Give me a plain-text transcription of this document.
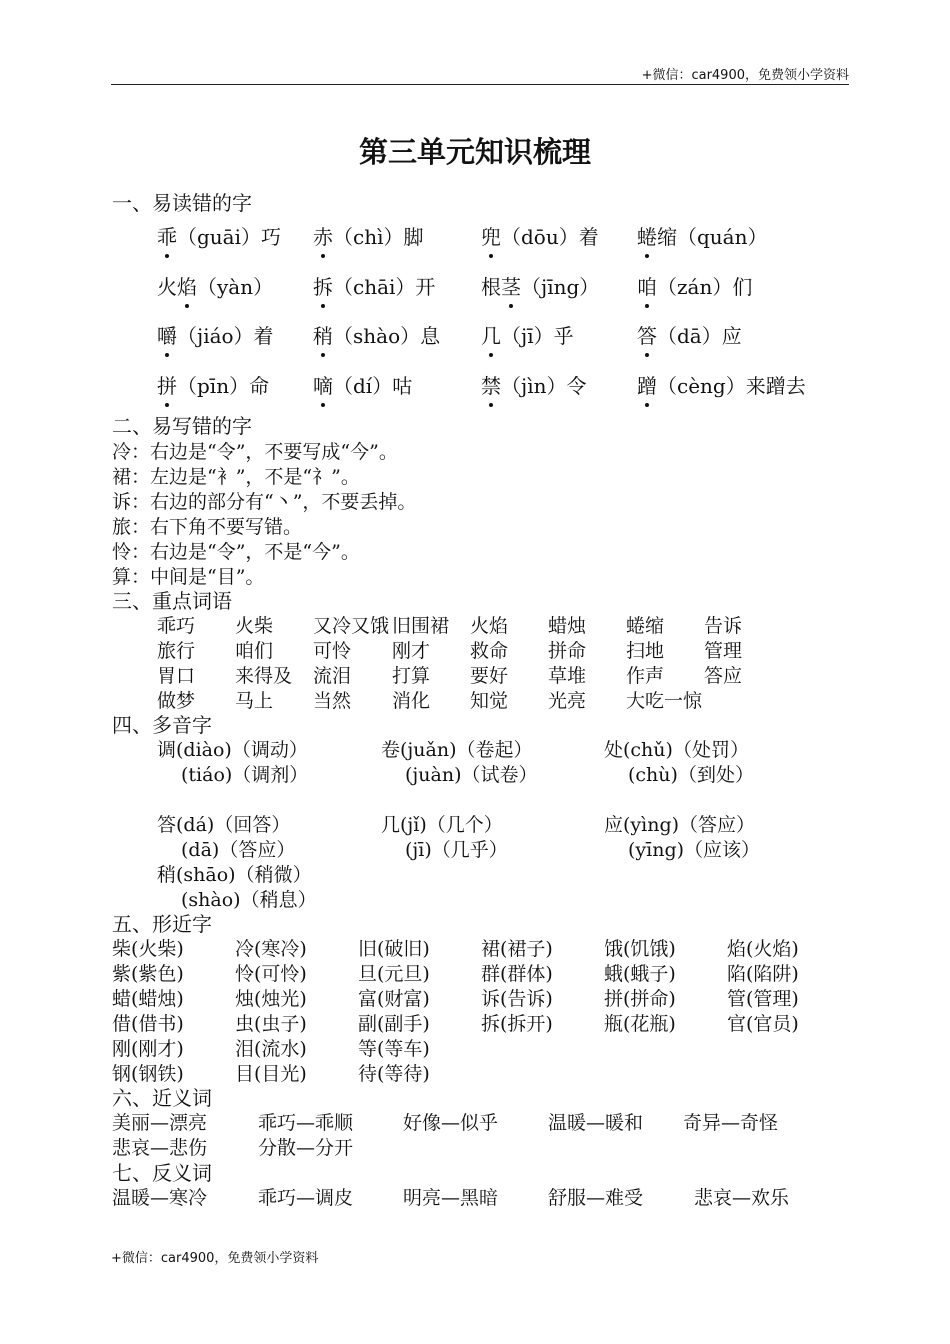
+微信：car4900，免费领小学资料
第三单元知识梳理
一、易读错的字
乖（guāi）巧 赤（chì）脚	兜（dōu）着 蜷缩（quán）
火焰（yàn） 拆（chāi）开 根茎（jīng） 咱（zán）们
嚼（jiáo）着 稍（shào）息 几（jī）乎	答（dā）应
拼（pīn）命 嘀（dí）咕	禁（jìn）令	蹭（cèng）来蹭去
二、易写错的字
冷：右边是“令”，不要写成“今”。
裙：左边是“衤”，不是“礻”。
诉：右边的部分有“丶”，不要丢掉。
旅：右下角不要写错。
怜：右边是“令”，不是“今”。
算：中间是“目”。
三、重点词语
乖巧 火柴 又冷又饿 旧围裙 火焰 蜡烛 蜷缩 告诉
旅行 咱们 可怜 刚才 救命 拼命 扫地 管理
胃口 来得及 流泪 打算 要好 草堆 作声 答应
做梦 马上 当然 消化 知觉 光亮 大吃一惊
四、多音字
调(diào)（调动）	卷(juǎn)（卷起）	处(chǔ)（处罚）
(tiáo)（调剂）	(juàn)（试卷）	(chù)（到处）
答(dá)（回答）	几(jǐ)（几个）	应(yìng)（答应）
(dā)（答应）	(jī)（几乎）	(yīng)（应该）
稍(shāo)（稍微）
(shào)（稍息）
五、形近字
柴(火柴)	冷(寒冷)	旧(破旧)	裙(裙子)	饿(饥饿)	焰(火焰)
紫(紫色)	怜(可怜)	旦(元旦)	群(群体)	蛾(蛾子)	陷(陷阱)
蜡(蜡烛)	烛(烛光)	富(财富)	诉(告诉)	拼(拼命)	管(管理)
借(借书)	虫(虫子)	副(副手)	拆(拆开)	瓶(花瓶)	官(官员)
刚(刚才)	泪(流水)	等(等车)
钢(钢铁)	目(目光)	待(等待)
六、近义词
美丽—漂亮	乖巧—乖顺	好像—似乎	温暖—暖和 奇异—奇怪
悲哀—悲伤	分散—分开
七、反义词
温暖—寒冷	乖巧—调皮	明亮—黑暗	舒服—难受	悲哀—欢乐
+微信：car4900，免费领小学资料
